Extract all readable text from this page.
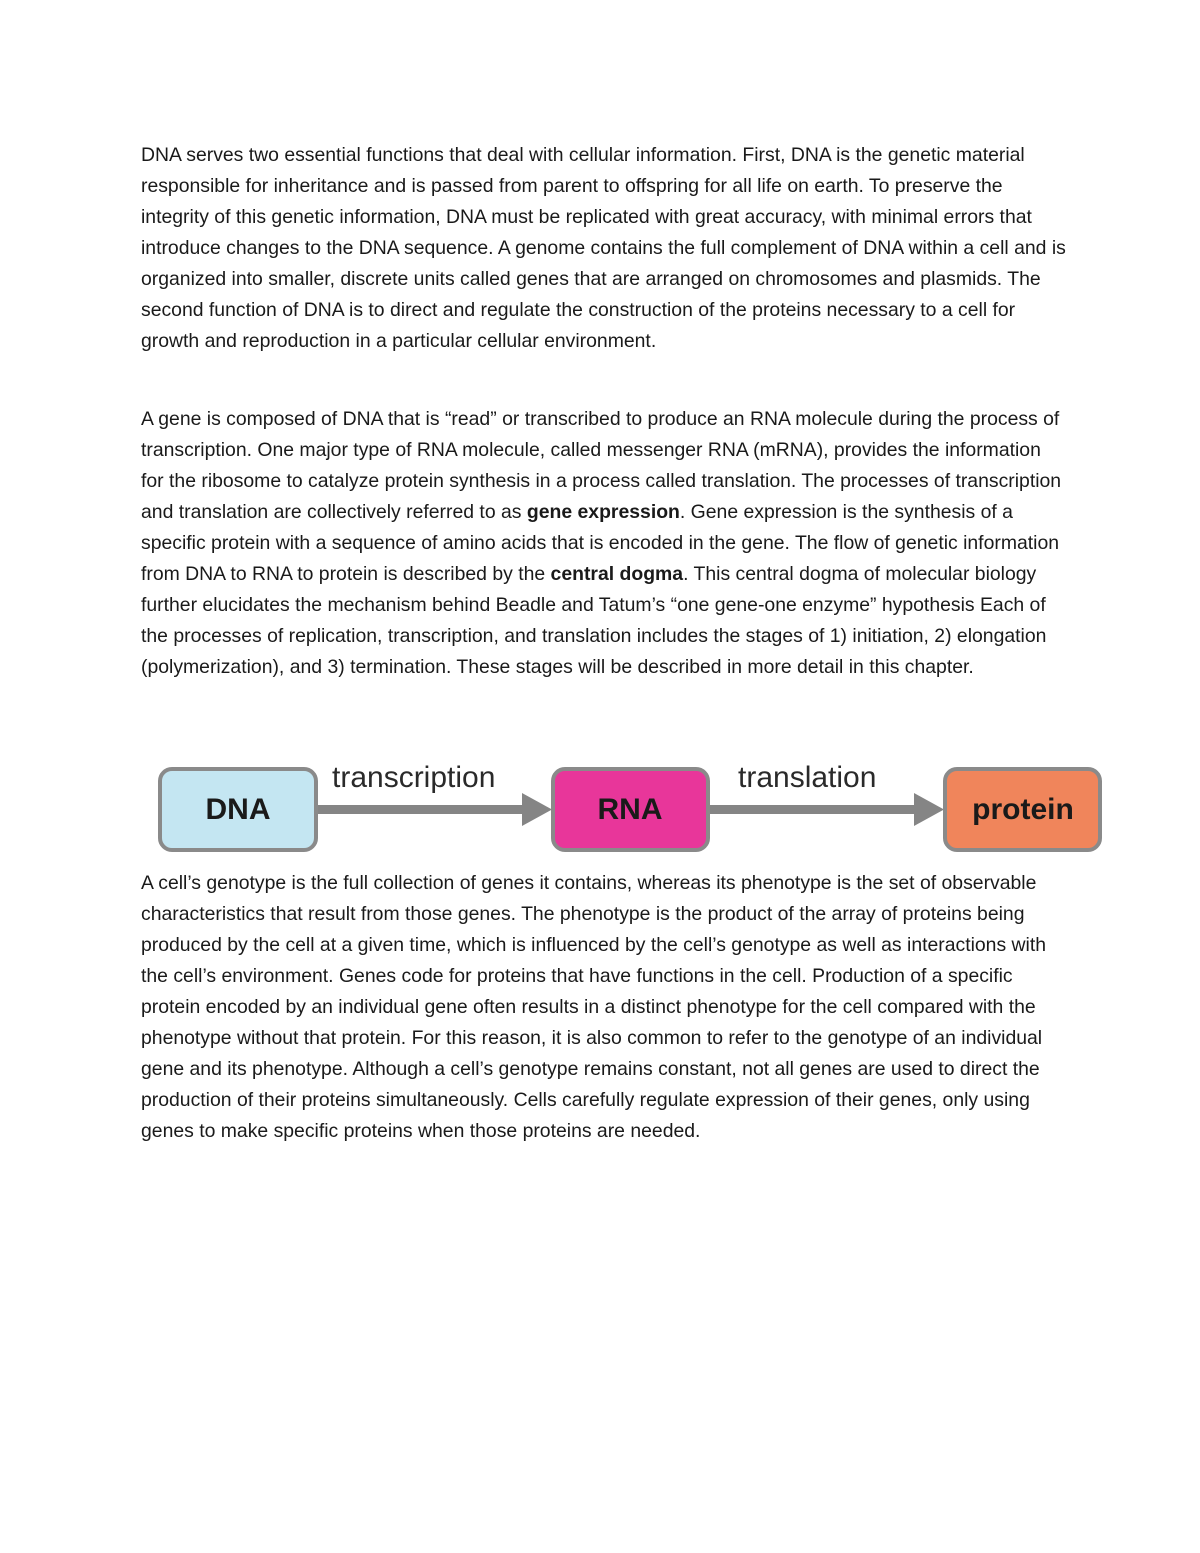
DNA serves two essential functions that deal with cellular information. First, DNA is the genetic material responsible for inheritance and is passed from parent to offspring for all life on earth. To preserve the integrity of this genetic information, DNA must be replicated with great accuracy, with minimal errors that introduce changes to the DNA sequence. A genome contains the full complement of DNA within a cell and is organized into smaller, discrete units called genes that are arranged on chromosomes and plasmids. The second function of DNA is to direct and regulate the construction of the proteins necessary to a cell for growth and reproduction in a particular cellular environment.

A gene is composed of DNA that is “read” or transcribed to produce an RNA molecule during the process of transcription. One major type of RNA molecule, called messenger RNA (mRNA), provides the information for the ribosome to catalyze protein synthesis in a process called translation. The processes of transcription and translation are collectively referred to as gene expression. Gene expression is the synthesis of a specific protein with a sequence of amino acids that is encoded in the gene. The flow of genetic information from DNA to RNA to protein is described by the central dogma. This central dogma of molecular biology further elucidates the mechanism behind Beadle and Tatum’s “one gene-one enzyme” hypothesis Each of the processes of replication, transcription, and translation includes the stages of 1) initiation, 2) elongation (polymerization), and 3) termination. These stages will be described in more detail in this chapter.

transcription	translation
DNA	RNA	protein

A cell’s genotype is the full collection of genes it contains, whereas its phenotype is the set of observable characteristics that result from those genes. The phenotype is the product of the array of proteins being produced by the cell at a given time, which is influenced by the cell’s genotype as well as interactions with the cell’s environment. Genes code for proteins that have functions in the cell. Production of a specific protein encoded by an individual gene often results in a distinct phenotype for the cell compared with the phenotype without that protein. For this reason, it is also common to refer to the genotype of an individual gene and its phenotype. Although a cell’s genotype remains constant, not all genes are used to direct the production of their proteins simultaneously. Cells carefully regulate expression of their genes, only using genes to make specific proteins when those proteins are needed.
